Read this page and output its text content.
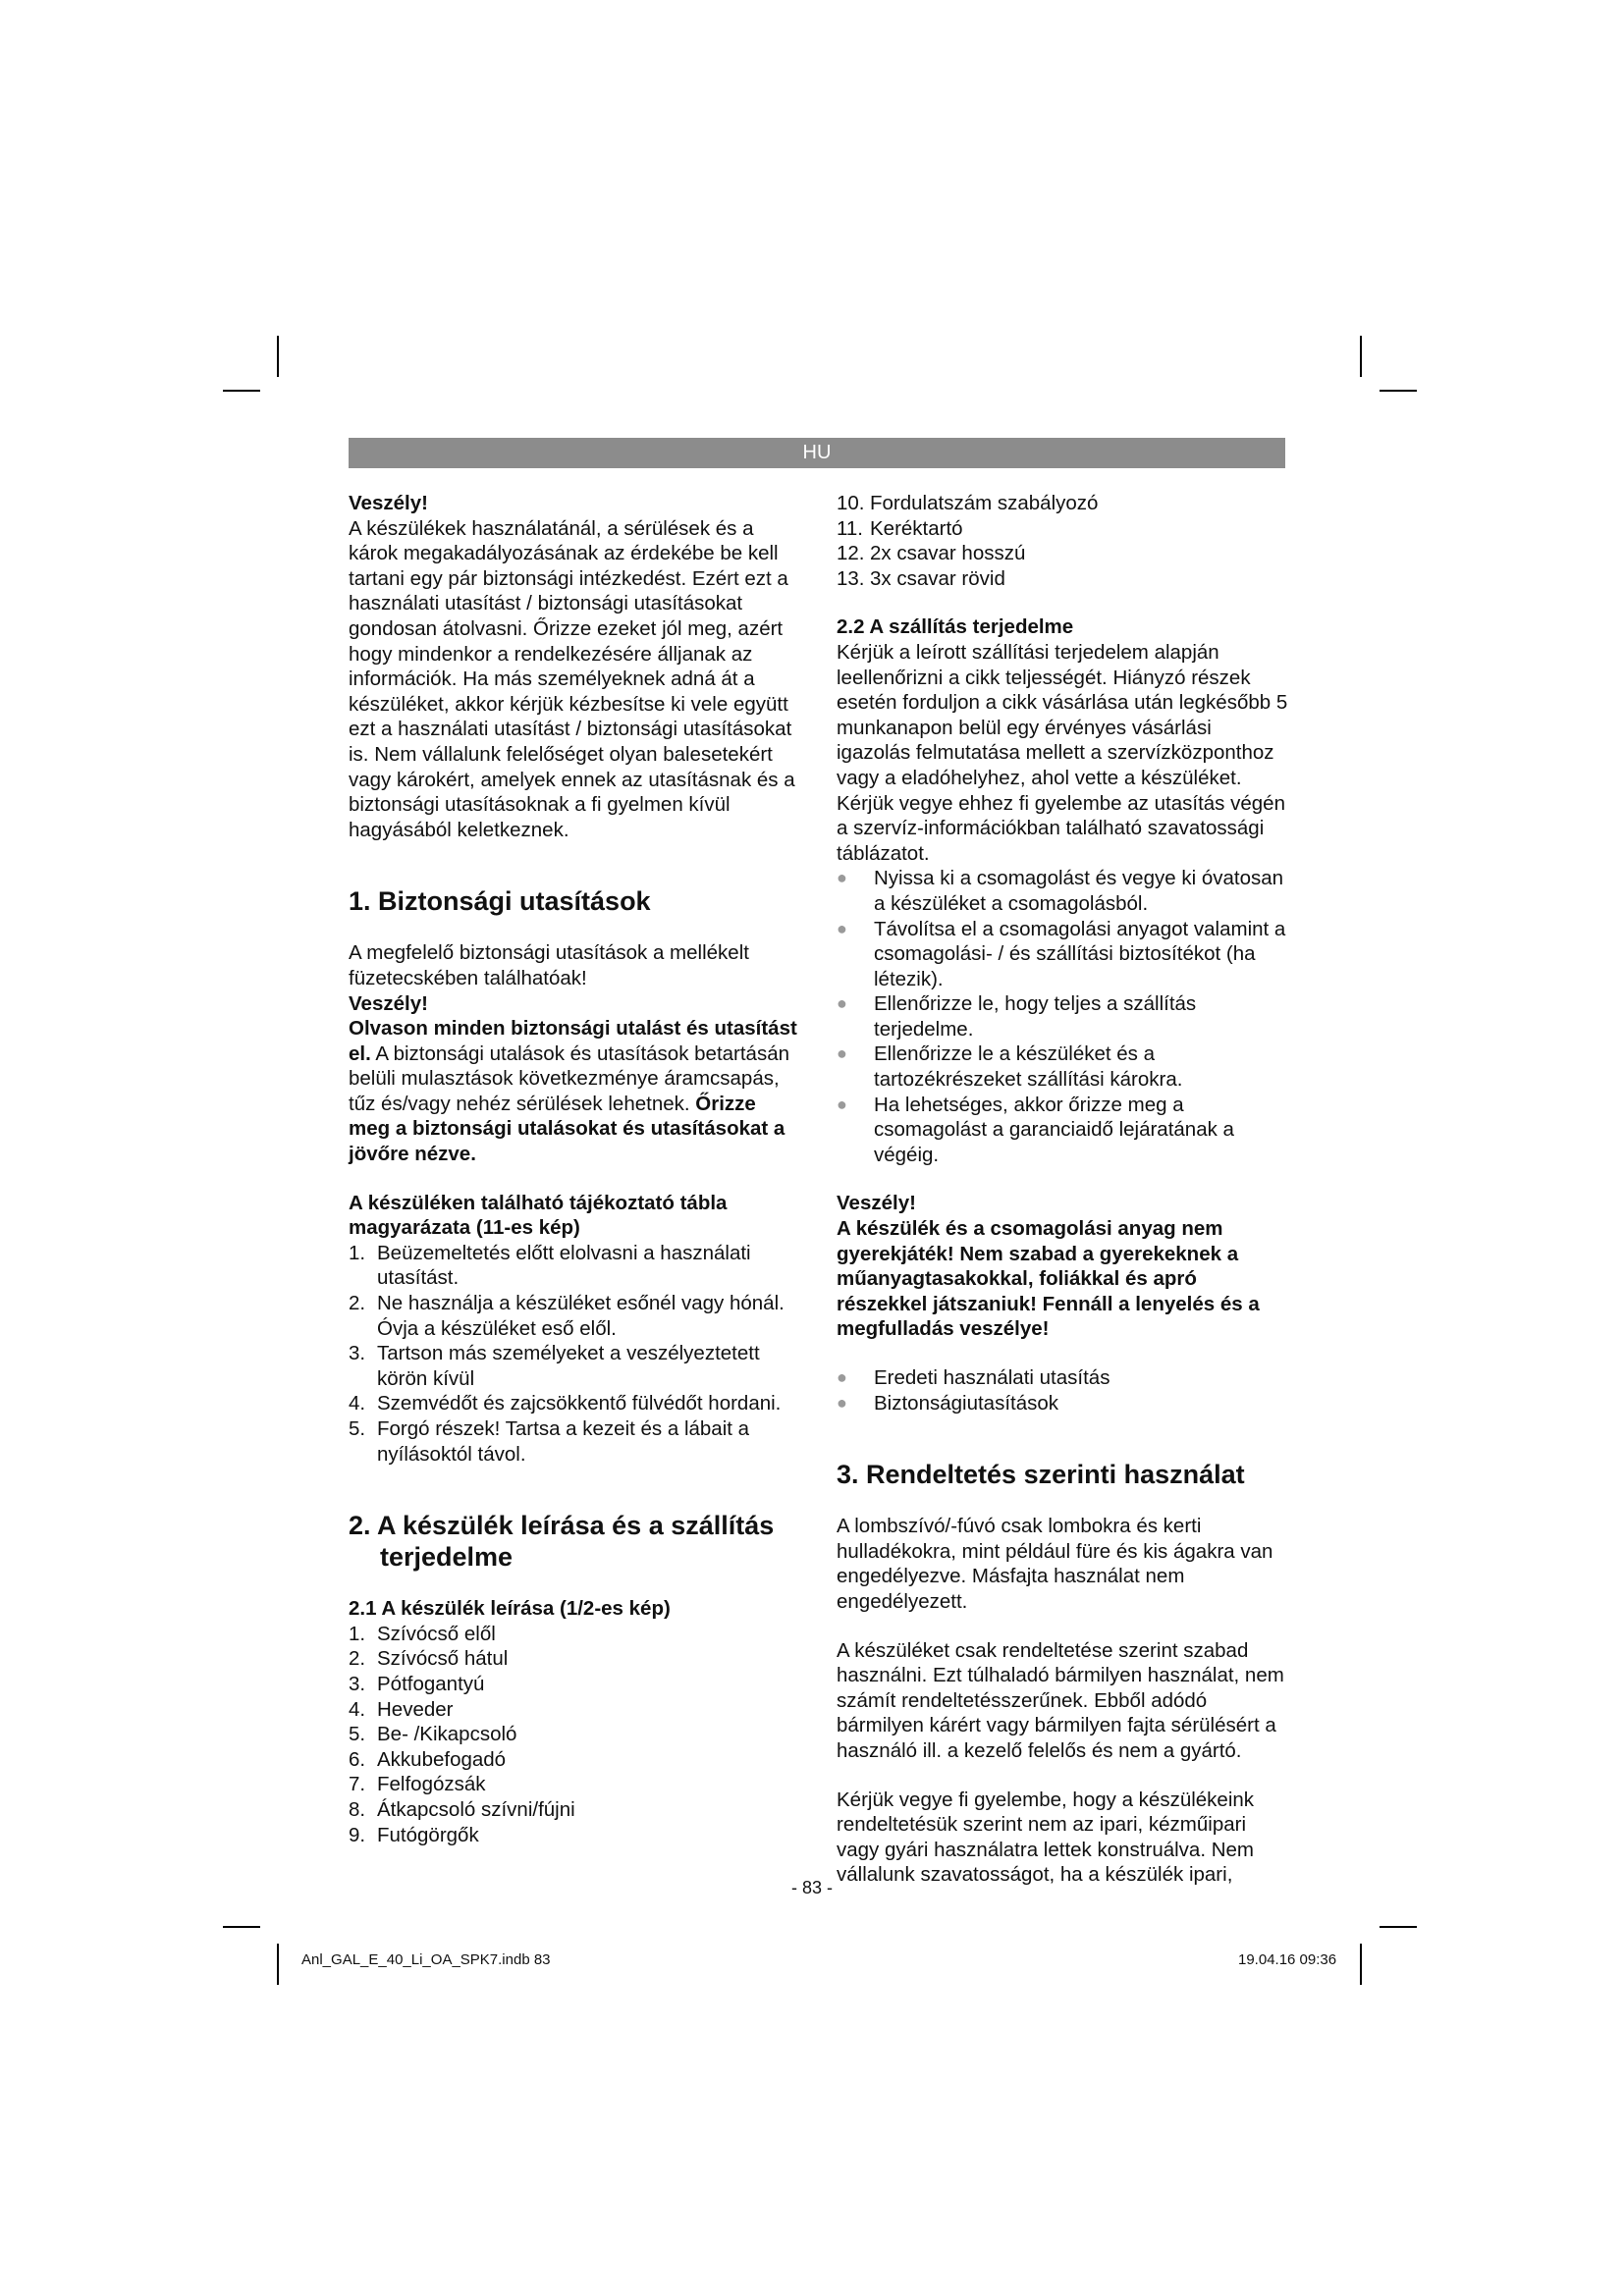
HU

Veszély!

A készülékek használatánál, a sérülések és a károk megakadályozásának az érdekébe be kell tartani egy pár biztonsági intézkedést. Ezért ezt a használati utasítást / biztonsági utasításokat gondosan átolvasni. Őrizze ezeket jól meg, azért hogy mindenkor a rendelkezésére álljanak az információk. Ha más személyeknek adná át a készüléket, akkor kérjük kézbesítse ki vele együtt ezt a használati utasítást / biztonsági utasításokat is. Nem vállalunk felelőséget olyan balesetekért vagy károkért, amelyek ennek az utasításnak és a biztonsági utasításoknak a fi gyelmen kívül hagyásából keletkeznek.

1. Biztonsági utasítások

A megfelelő biztonsági utasítások a mellékelt füzetecskében találhatóak!

Veszély!

Olvason minden biztonsági utalást és utasítást el. A biztonsági utalások és utasítások betartásán belüli mulasztások következménye áramcsapás, tűz és/vagy nehéz sérülések lehetnek. Őrizze meg a biztonsági utalásokat és utasításokat a jövőre nézve.

A készüléken található tájékoztató tábla magyarázata (11-es kép)

1. Beüzemeltetés előtt elolvasni a használati utasítást.
2. Ne használja a készüléket esőnél vagy hónál. Óvja a készüléket eső elől.
3. Tartson más személyeket a veszélyeztetett körön kívül
4. Szemvédőt és zajcsökkentő fülvédőt hordani.
5. Forgó részek! Tartsa a kezeit és a lábait a nyílásoktól távol.
2. A készülék leírása és a szállítás
terjedelme

2.1 A készülék leírása (1/2-es kép)

1. Szívócső elől
2. Szívócső hátul
3. Pótfogantyú
4. Heveder
5. Be- /Kikapcsoló
6. Akkubefogadó
7. Felfogózsák
8. Átkapcsoló szívni/fújni
9. Futógörgők
10. Fordulatszám szabályozó
11. Keréktartó
12. 2x csavar hosszú
13. 3x csavar rövid

2.2 A szállítás terjedelme

Kérjük a leírott szállítási terjedelem alapján leellenőrizni a cikk teljességét. Hiányzó részek esetén forduljon a cikk vásárlása után legkésőbb 5 munkanapon belül egy érvényes vásárlási igazolás felmutatása mellett a szervízközponthoz vagy a eladóhelyhez, ahol vette a készüléket. Kérjük vegye ehhez fi gyelembe az utasítás végén a szervíz-információkban található szavatossági táblázatot.

●	Nyissa ki a csomagolást és vegye ki óvatosan a készüléket a csomagolásból.
●	Távolítsa el a csomagolási anyagot valamint a csomagolási- / és szállítási biztosítékot (ha létezik).
●	Ellenőrizze le, hogy teljes a szállítás terjedelme.
●	Ellenőrizze le a készüléket és a tartozékrészeket szállítási károkra.
●	Ha lehetséges, akkor őrizze meg a csomagolást a garanciaidő lejáratának a végéig.

Veszély!

A készülék és a csomagolási anyag nem gyerekjáték! Nem szabad a gyerekeknek a műanyagtasakokkal, foliákkal és apró részekkel játszaniuk! Fennáll a lenyelés és a megfulladás veszélye!

●	Eredeti használati utasítás
●	Biztonságiutasítások
3. Rendeltetés szerinti használat

A lombszívó/-fúvó csak lombokra és kerti hulladékokra, mint például füre és kis ágakra van engedélyezve. Másfajta használat nem engedélyezett.

A készüléket csak rendeltetése szerint szabad használni. Ezt túlhaladó bármilyen használat, nem számít rendeltetésszerűnek. Ebből adódó bármilyen kárért vagy bármilyen fajta sérülésért a használó ill. a kezelő felelős és nem a gyártó.

Kérjük vegye fi gyelembe, hogy a készülékeink rendeltetésük szerint nem az ipari, kézműipari vagy gyári használatra lettek konstruálva. Nem vállalunk szavatosságot, ha a készülék ipari,

- 83 -
Anl_GAL_E_40_Li_OA_SPK7.indb 83	19.04.16 09:36
